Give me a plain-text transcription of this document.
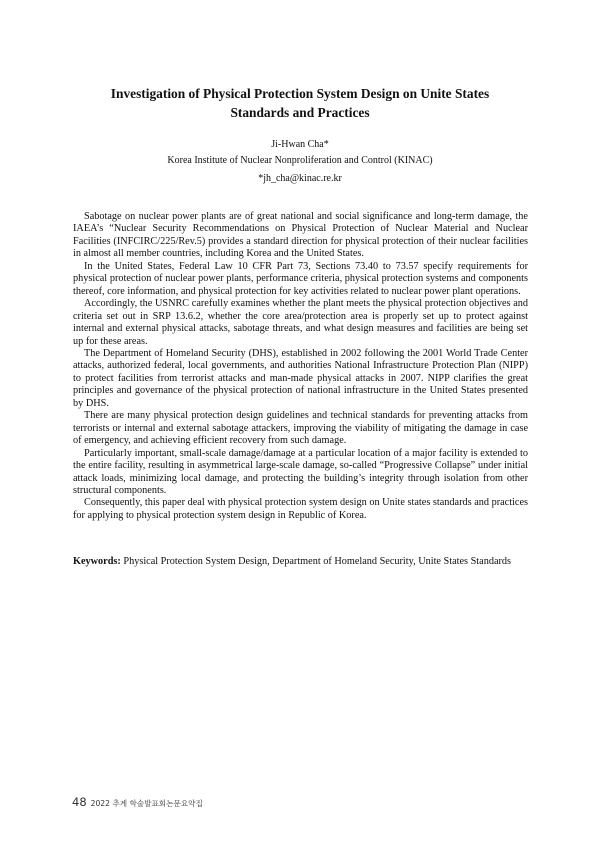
Investigation of Physical Protection System Design on Unite States Standards and Practices
Ji-Hwan Cha*
Korea Institute of Nuclear Nonproliferation and Control (KINAC)
*jh_cha@kinac.re.kr

Sabotage on nuclear power plants are of great national and social significance and long-term damage, the IAEA’s “Nuclear Security Recommendations on Physical Protection of Nuclear Material and Nuclear Facilities (INFCIRC/225/Rev.5) provides a standard direction for physical protection of their nuclear facilities in almost all member countries, including Korea and the United States.

In the United States, Federal Law 10 CFR Part 73, Sections 73.40 to 73.57 specify requirements for physical protection of nuclear power plants, performance criteria, physical protection systems and components thereof, core information, and physical protection for key activities related to nuclear power plant operations.

Accordingly, the USNRC carefully examines whether the plant meets the physical protection objectives and criteria set out in SRP 13.6.2, whether the core area/protection area is properly set up to protect against internal and external physical attacks, sabotage threats, and what design measures and facilities are being set up for these areas.

The Department of Homeland Security (DHS), established in 2002 following the 2001 World Trade Center attacks, authorized federal, local governments, and authorities National Infrastructure Protection Plan (NIPP) to protect facilities from terrorist attacks and man-made physical attacks in 2007. NIPP clarifies the great principles and governance of the physical protection of national infrastructure in the United States presented by DHS.

There are many physical protection design guidelines and technical standards for preventing attacks from terrorists or internal and external sabotage attackers, improving the viability of mitigating the damage in case of emergency, and achieving efficient recovery from such damage.

Particularly important, small-scale damage/damage at a particular location of a major facility is extended to the entire facility, resulting in asymmetrical large-scale damage, so-called “Progressive Collapse” under initial attack loads, minimizing local damage, and protecting the building’s integrity through isolation from other structural components.

Consequently, this paper deal with physical protection system design on Unite states standards and practices for applying to physical protection system design in Republic of Korea.

Keywords: Physical Protection System Design, Department of Homeland Security, Unite States Standards

48 2022 추계 학술발표회논문요약집
